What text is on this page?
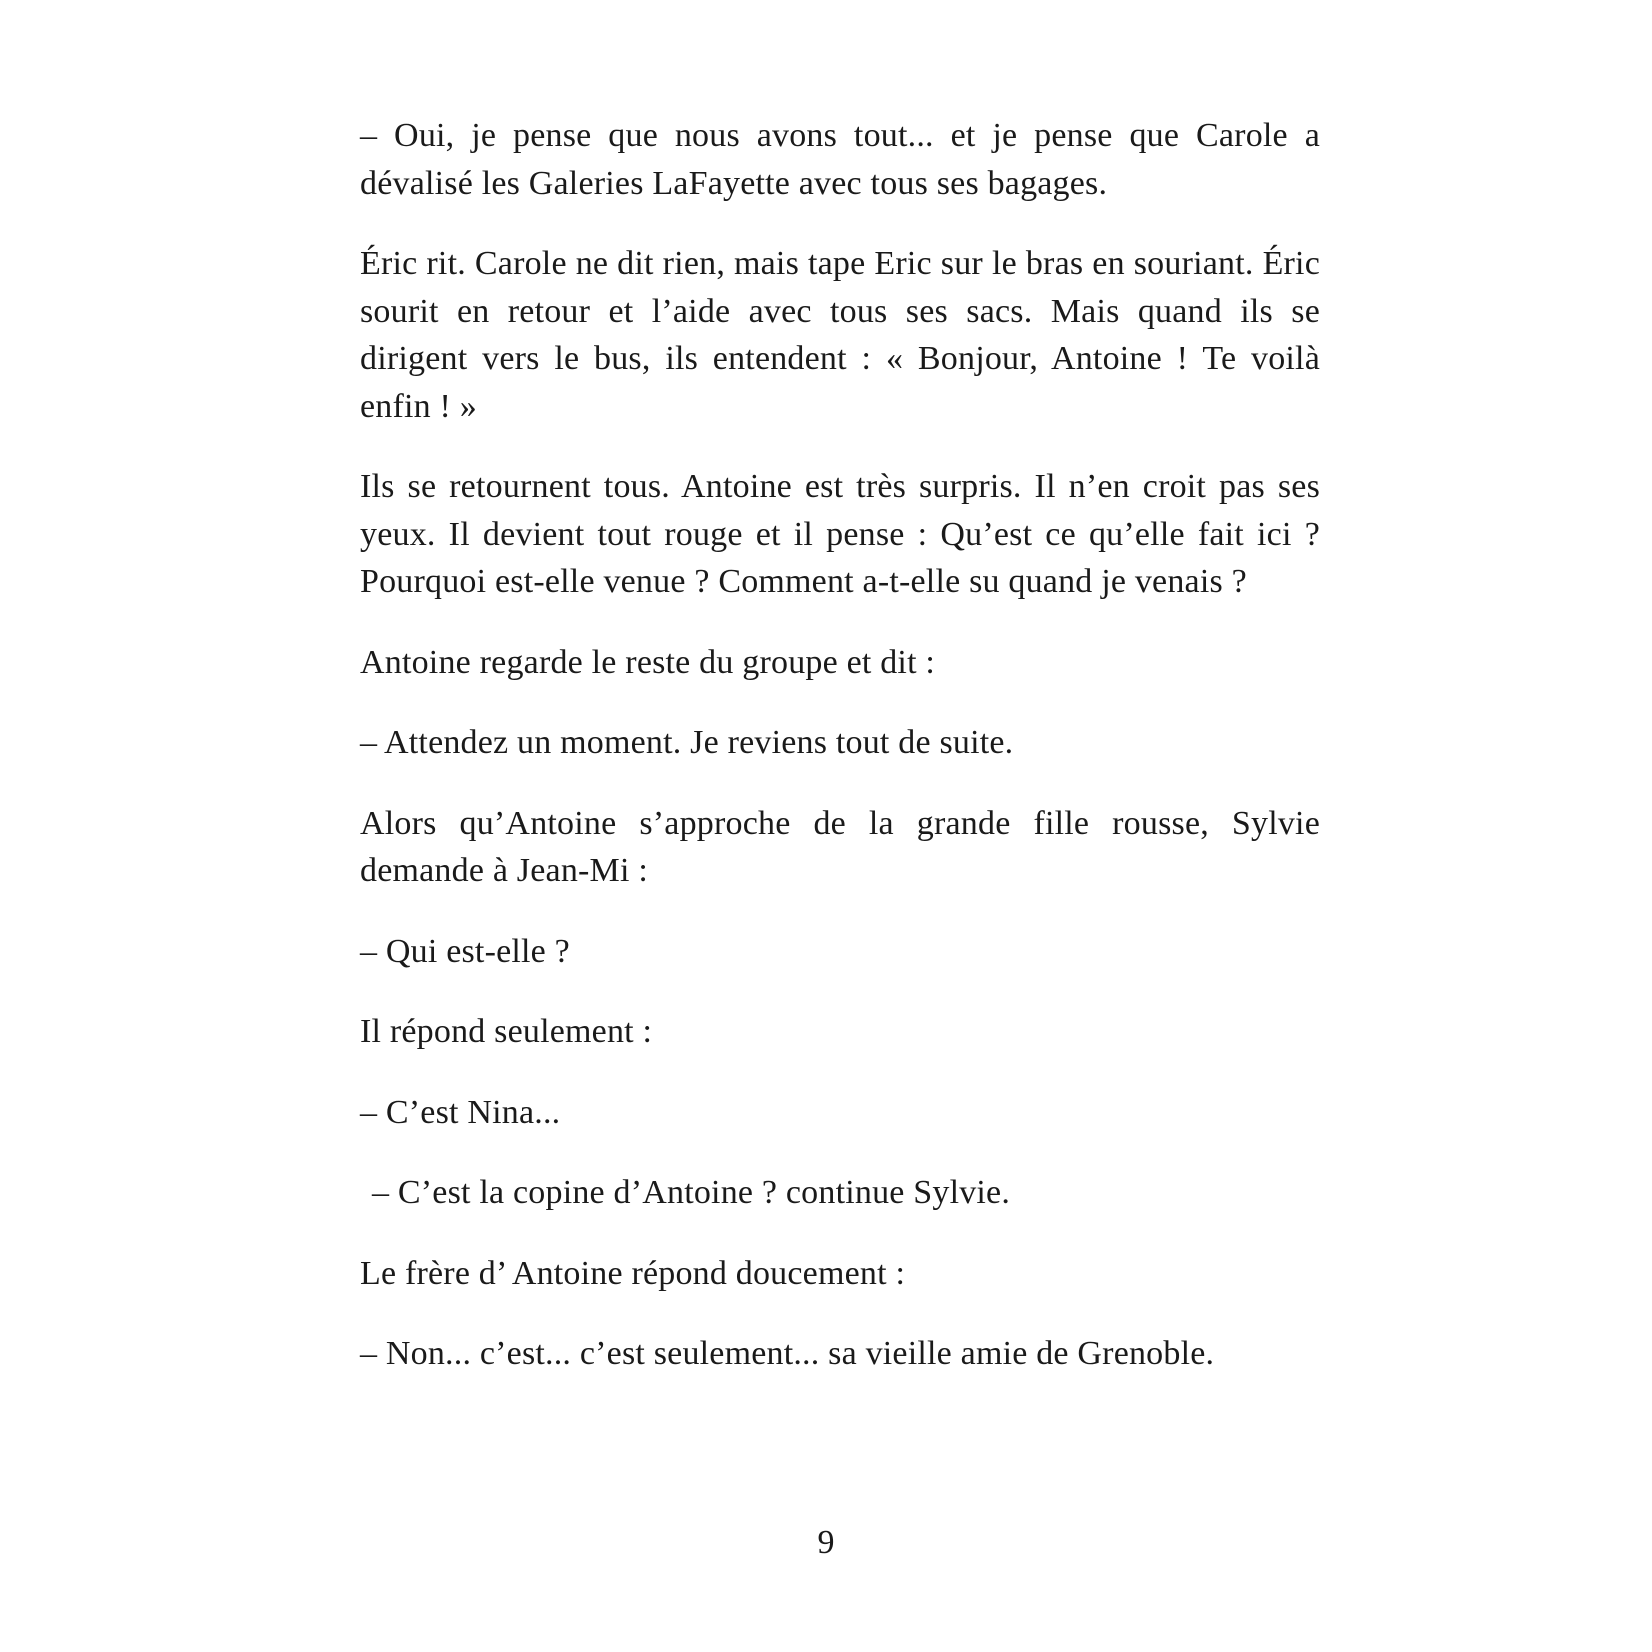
– Oui, je pense que nous avons tout... et je pense que Carole a dévalisé les Galeries LaFayette avec tous ses bagages.

Éric rit. Carole ne dit rien, mais tape Eric sur le bras en souriant. Éric sourit en retour et l’aide avec tous ses sacs. Mais quand ils se dirigent vers le bus, ils entendent : « Bonjour, Antoine ! Te voilà enfin ! »

Ils se retournent tous. Antoine est très surpris. Il n’en croit pas ses yeux. Il devient tout rouge et il pense : Qu’est ce qu’elle fait ici ? Pourquoi est-elle venue ? Comment a-t-elle su quand je venais ?

Antoine regarde le reste du groupe et dit :

– Attendez un moment. Je reviens tout de suite.

Alors qu’Antoine s’approche de la grande fille rousse, Sylvie demande à Jean-Mi :

– Qui est-elle ?

Il répond seulement :

– C’est Nina...

– C’est la copine d’Antoine ? continue Sylvie.

Le frère d’ Antoine répond doucement :

– Non... c’est... c’est seulement... sa vieille amie de Grenoble.

9
